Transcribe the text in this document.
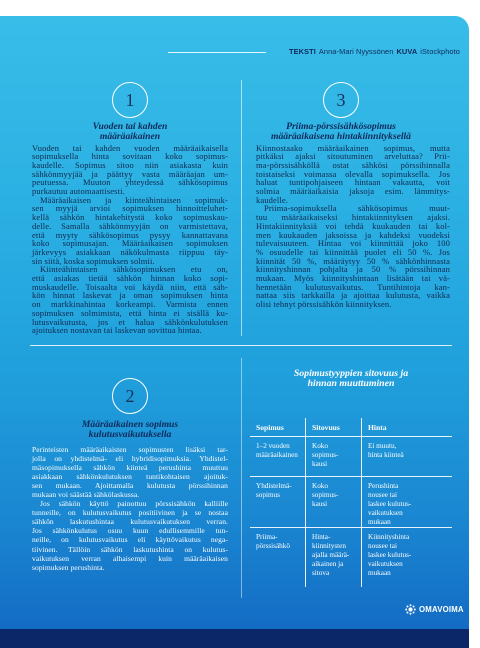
TEKSTI Anna-Mari Nyyssönen KUVA iStockphoto
1
Vuoden tai kahden
määräaikainen
Vuoden tai kahden vuoden määräaikaisella
sopimuksella hinta sovitaan koko sopimus-
kaudelle. Sopimus sitoo niin asiakasta kuin
sähkönmyyjää ja päättyy vasta määräajan um-
peutuessa. Muuton yhteydessä sähkösopimus
purkautuu automaattisesti.
Määräaikaisen ja kiinteähintaisen sopimuk-
sen myyjä arvioi sopimuksen hinnoitteluhet-
kellä sähkön hintakehitystä koko sopimuskau-
delle. Samalla sähkönmyyjän on varmistettava,
että myyty sähkösopimus pysyy kannattavana
koko sopimusajan. Määräaikaisen sopimuksen
järkevyys asiakkaan näkökulmasta riippuu täy-
sin siitä, koska sopimuksen solmii.
Kiinteähintaisen sähkösopimuksen etu on,
että asiakas tietää sähkön hinnan koko sopi-
muskaudelle. Toisaalta voi käydä niin, että säh-
kön hinnat laskevat ja oman sopimuksen hinta
on markkinahintaa korkeampi. Varmista ennen
sopimuksen solmimista, että hinta ei sisällä ku-
lutusvaikutusta, jos et halua sähkönkulutuksen
ajoituksen nostavan tai laskevan sovittua hintaa.
3
Priima-pörssisähkösopimus
määräaikaisena hintakiinnityksellä
Kiinnostaako määräaikainen sopimus, mutta
pitkäksi ajaksi sitoutuminen arveluttaa? Prii-
ma-pörssisähköllä ostat sähkösi pörssihinnalla
toistaiseksi voimassa olevalla sopimuksella. Jos
haluat tuntipohjaiseen hintaan vakautta, voit
solmia määräaikaisia jaksoja esim. lämmitys-
kaudelle.
Priima-sopimuksella sähkösopimus muut-
tuu määräaikaiseksi hintakiinnityksen ajaksi.
Hintakiinnityksiä voi tehdä kuukauden tai kol-
men kuukauden jaksoissa ja kahdeksi vuodeksi
tulevaisuuteen. Hintaa voi kiinnittää joko 100
% osuudelle tai kiinnittää puolet eli 50 %. Jos
kiinnität 50 %, määräytyy 50 % sähkönhinnasta
kiinnityshinnan pohjalta ja 50 % pörssihinnan
mukaan. Myös kiinnityshintaan lisätään tai vä-
hennetään kulutusvaikutus. Tuntihintoja kan-
nattaa siis tarkkailla ja ajoittaa kulutusta, vaikka
olisi tehnyt pörssisähkön kiinnityksen.
2
Määräaikainen sopimus
kulutusvaikutuksella
Perinteisten määräaikaisten sopimusten lisäksi tar-
jolla on yhdistelmä- eli hybridisopimuksia. Yhdistel-
mäsopimuksella sähkön kiinteä perushinta muuttuu
asiakkaan sähkönkulutuksen tuntikohtaisen ajoituk-
sen mukaan. Ajoittamalla kulutusta pörssihinnan
mukaan voi säästää sähkölaskussa.
Jos sähkön käyttö painottuu pörssisähkön kalliille
tunneille, on kulutusvaikutus positiivinen ja se nostaa
sähkön laskutushintaa kulutusvaikutuksen verran.
Jos sähkönkulutus osuu kuun edullisemmille tun-
neille, on kulutusvaikutus eli käyttövaikutus nega-
tiivinen. Tällöin sähkön laskutushinta on kulutus-
vaikutuksen verran alhaisempi kuin määräaikaisen
sopimuksen perushinta.
Sopimustyyppien sitovuus ja
hinnan muuttuminen
Sopimus	Sitovuus	Hinta
1–2 vuoden
määräaikainen
Koko
sopimus-
kausi
Ei muutu,
hinta kiinteä
Yhdistelmä-
sopimus
Koko
sopimus-
kausi
Perushinta
nousee tai
laskee kulutus-
vaikutuksen
mukaan
Priima-
pörssisähkö
Hinta-
kiinnitysten
ajalla määrä-
aikainen ja
sitova
Kiinnityshinta
nousee tai
laskee kulutus-
vaikutuksen
mukaan
OMAVOIMA
